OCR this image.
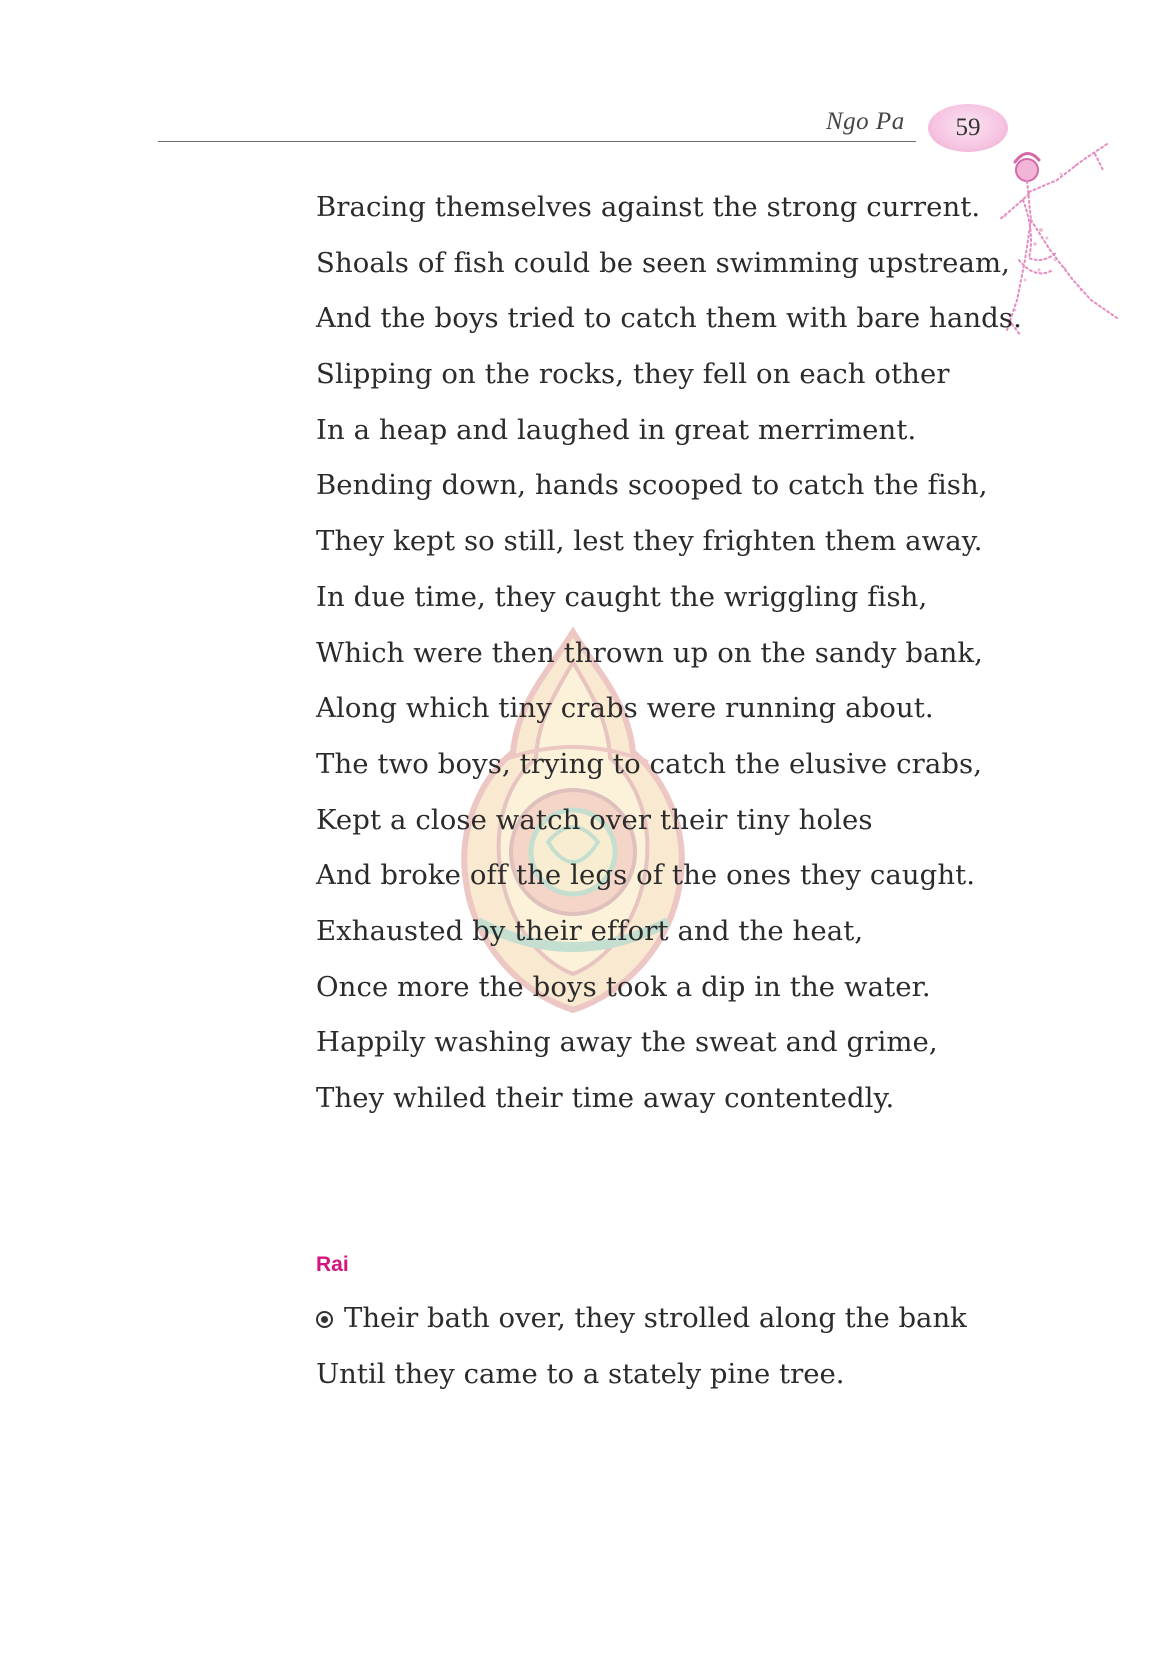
Ngo Pa 59
Bracing themselves against the strong current.
Shoals of fish could be seen swimming upstream,
And the boys tried to catch them with bare hands.
Slipping on the rocks, they fell on each other
In a heap and laughed in great merriment.
Bending down, hands scooped to catch the fish,
They kept so still, lest they frighten them away.
In due time, they caught the wriggling fish,
Which were then thrown up on the sandy bank,
Along which tiny crabs were running about.
The two boys, trying to catch the elusive crabs,
Kept a close watch over their tiny holes
And broke off the legs of the ones they caught.
Exhausted by their effort and the heat,
Once more the boys took a dip in the water.
Happily washing away the sweat and grime,
They whiled their time away contentedly.
Rai
Their bath over, they strolled along the bank
Until they came to a stately pine tree.
